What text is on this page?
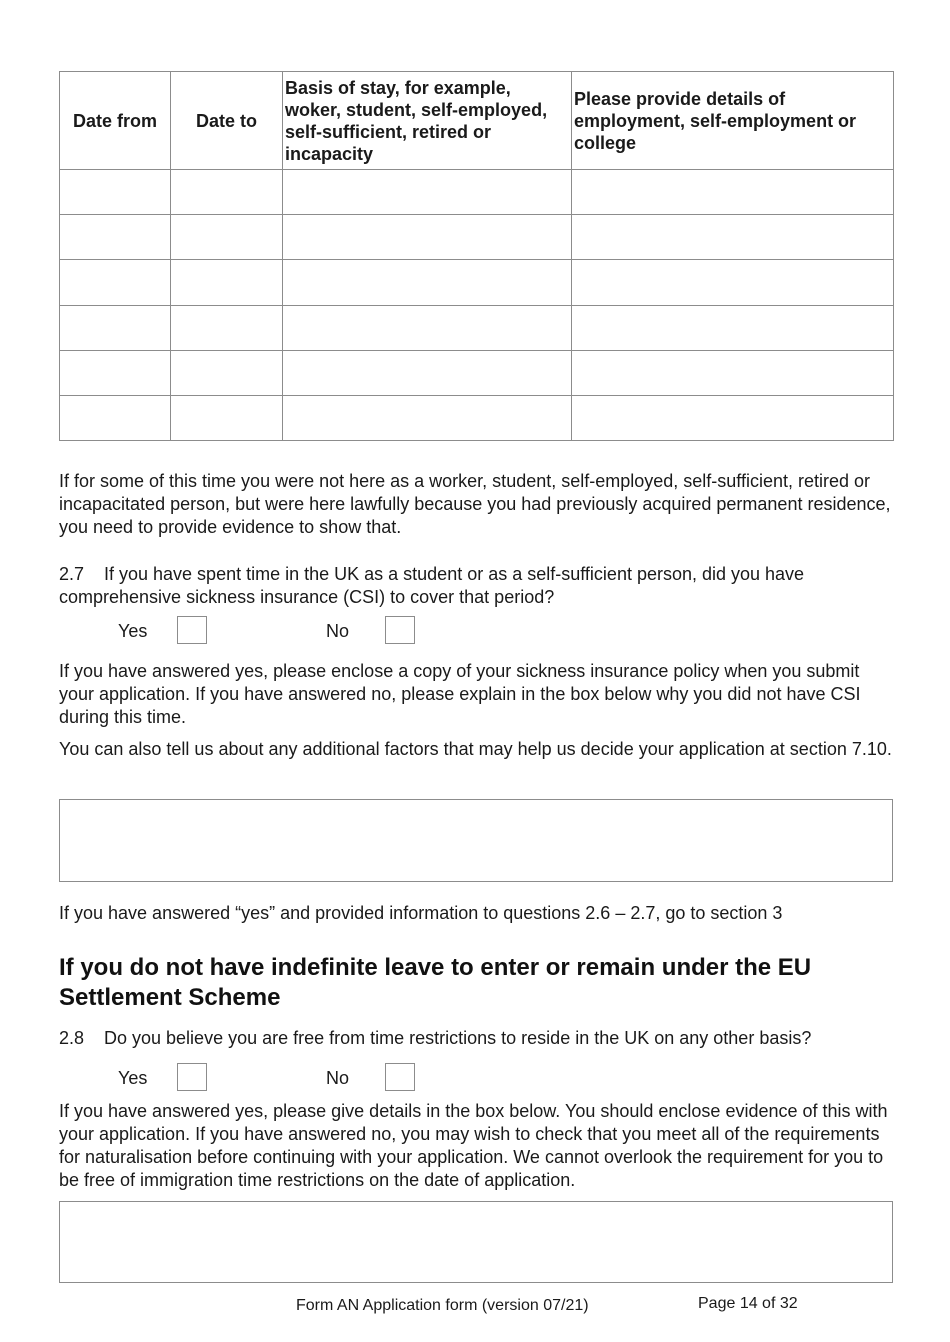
Date from	Date to	Basis of stay, for example, woker, student, self-employed, self-sufficient, retired or incapacity	Please provide details of employment, self-employment or college

If for some of this time you were not here as a worker, student, self-employed, self-sufficient, retired or incapacitated person, but were here lawfully because you had previously acquired permanent residence, you need to provide evidence to show that.
2.7 If you have spent time in the UK as a student or as a self-sufficient person, did you have comprehensive sickness insurance (CSI) to cover that period?
Yes	No
If you have answered yes, please enclose a copy of your sickness insurance policy when you submit your application. If you have answered no, please explain in the box below why you did not have CSI during this time.
You can also tell us about any additional factors that may help us decide your application at section 7.10.
If you have answered “yes” and provided information to questions 2.6 – 2.7, go to section 3
If you do not have indefinite leave to enter or remain under the EU Settlement Scheme
2.8 Do you believe you are free from time restrictions to reside in the UK on any other basis?
Yes	No
If you have answered yes, please give details in the box below. You should enclose evidence of this with your application. If you have answered no, you may wish to check that you meet all of the requirements for naturalisation before continuing with your application. We cannot overlook the requirement for you to be free of immigration time restrictions on the date of application.
Form AN Application form (version 07/21)	Page 14 of 32
